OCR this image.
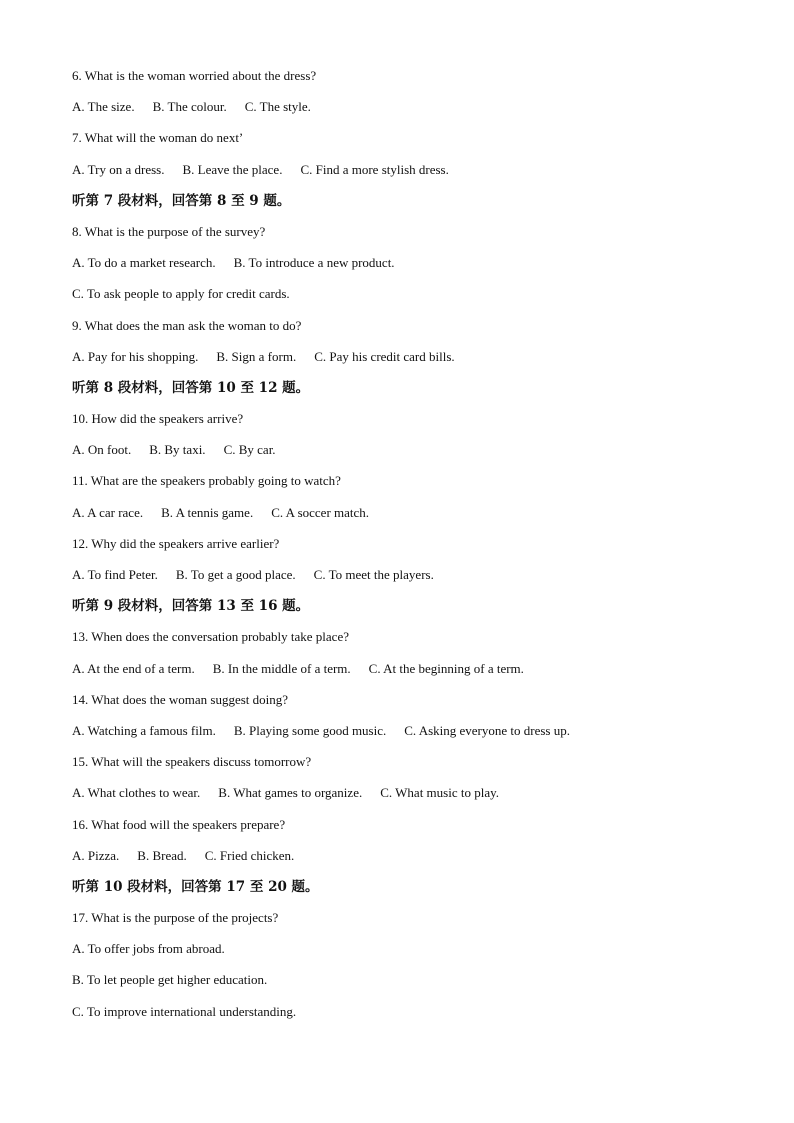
6. What is the woman worried about the dress?
A. The size. B. The colour. C. The style.
7. What will the woman do next’
A. Try on a dress. B. Leave the place. C. Find a more stylish dress.
听第 7 段材料，回答第 8 至 9 题。
8. What is the purpose of the survey?
A. To do a market research. B. To introduce a new product.
C. To ask people to apply for credit cards.
9. What does the man ask the woman to do?
A. Pay for his shopping. B. Sign a form. C. Pay his credit card bills.
听第 8 段材料，回答第 10 至 12 题。
10. How did the speakers arrive?
A. On foot. B. By taxi. C. By car.
11. What are the speakers probably going to watch?
A. A car race. B. A tennis game. C. A soccer match.
12. Why did the speakers arrive earlier?
A. To find Peter. B. To get a good place. C. To meet the players.
听第 9 段材料，回答第 13 至 16 题。
13. When does the conversation probably take place?
A. At the end of a term. B. In the middle of a term. C. At the beginning of a term.
14. What does the woman suggest doing?
A. Watching a famous film. B. Playing some good music. C. Asking everyone to dress up.
15. What will the speakers discuss tomorrow?
A. What clothes to wear. B. What games to organize. C. What music to play.
16. What food will the speakers prepare?
A. Pizza. B. Bread. C. Fried chicken.
听第 10 段材料，回答第 17 至 20 题。
17. What is the purpose of the projects?
A. To offer jobs from abroad.
B. To let people get higher education.
C. To improve international understanding.
